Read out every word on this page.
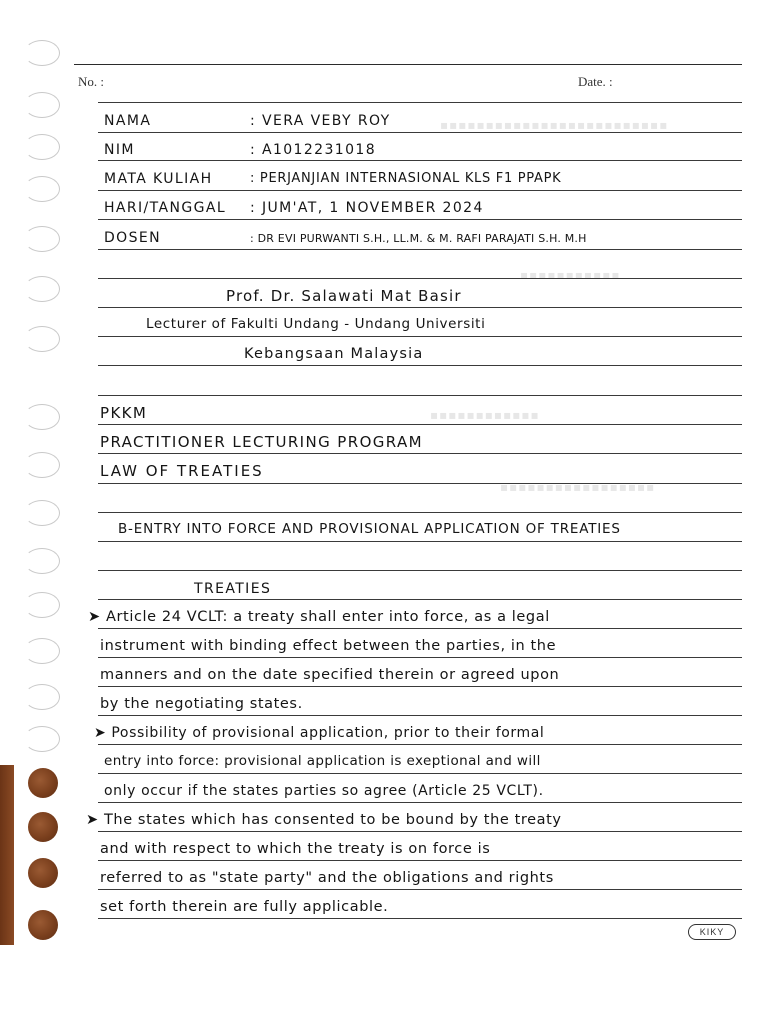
▪▪▪▪▪▪▪▪▪▪▪▪▪▪▪▪▪▪▪▪▪▪▪▪▪
▪▪▪▪▪▪▪▪▪▪▪
▪▪▪▪▪▪▪▪▪▪▪▪
▪▪▪▪▪▪▪▪▪▪▪▪▪▪▪▪▪
No. :	Date. :
NAMA	: VERA VEBY ROY
NIM	: A1012231018
MATA KULIAH	: PERJANJIAN INTERNASIONAL KLS F1 PPAPK
HARI/TANGGAL : JUM'AT, 1 NOVEMBER 2024
DOSEN	: DR EVI PURWANTI S.H., LL.M. & M. RAFI PARAJATI S.H. M.H
Prof. Dr. Salawati Mat Basir
Lecturer of Fakulti Undang - Undang Universiti
Kebangsaan Malaysia
PKKM
PRACTITIONER LECTURING PROGRAM
LAW OF TREATIES
B-ENTRY INTO FORCE AND PROVISIONAL APPLICATION OF TREATIES
TREATIES
➤ Article 24 VCLT: a treaty shall enter into force, as a legal
instrument with binding effect between the parties, in the
manners and on the date specified therein or agreed upon
by the negotiating states.
➤ Possibility of provisional application, prior to their formal
entry into force: provisional application is exeptional and will
only occur if the states parties so agree (Article 25 VCLT).
➤ The states which has consented to be bound by the treaty
and with respect to which the treaty is on force is
referred to as "state party" and the obligations and rights
set forth therein are fully applicable.
KIKY
